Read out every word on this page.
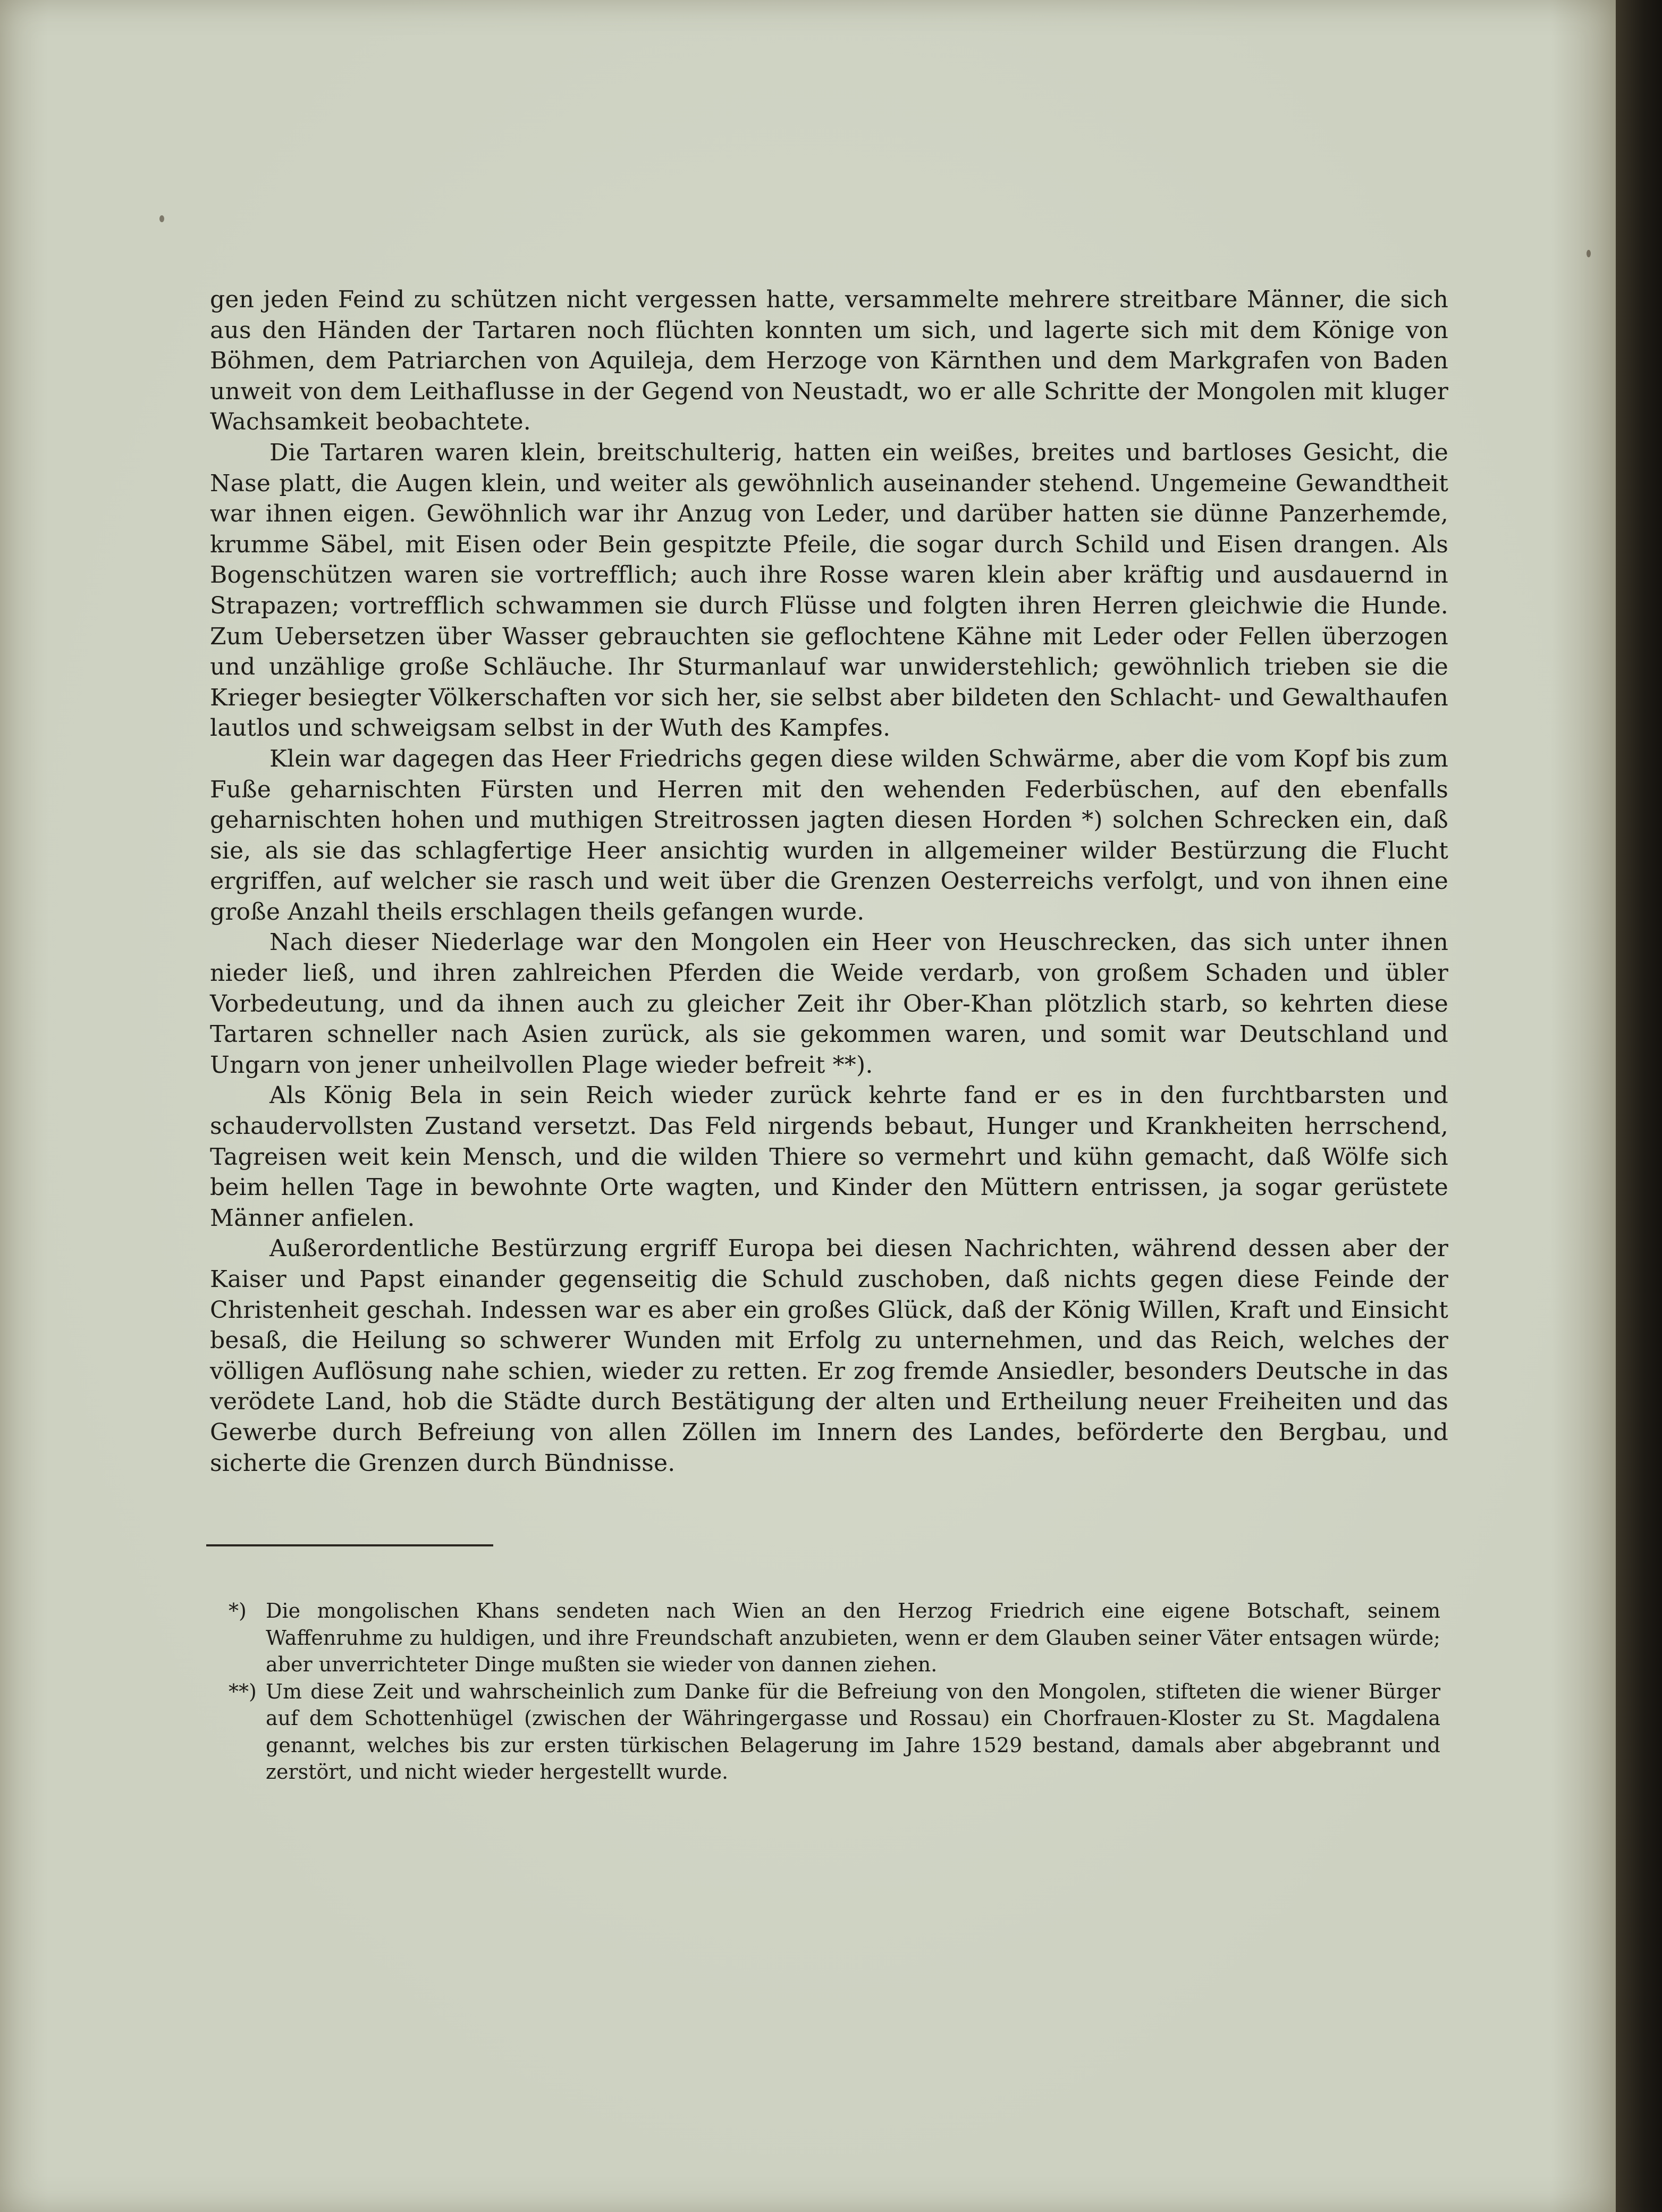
gen jeden Feind zu schützen nicht vergessen hatte, versammelte mehrere streitbare Männer, die sich aus den Händen der Tartaren noch flüchten konnten um sich, und lagerte sich mit dem Könige von Böhmen, dem Patriarchen von Aquileja, dem Herzoge von Kärnthen und dem Markgrafen von Baden unweit von dem Leithaflusse in der Gegend von Neustadt, wo er alle Schritte der Mongolen mit kluger Wachsamkeit beobachtete.

Die Tartaren waren klein, breitschulterig, hatten ein weißes, breites und bartloses Gesicht, die Nase platt, die Augen klein, und weiter als gewöhnlich auseinander stehend. Ungemeine Gewandtheit war ihnen eigen. Gewöhnlich war ihr Anzug von Leder, und darüber hatten sie dünne Panzerhemde, krumme Säbel, mit Eisen oder Bein gespitzte Pfeile, die sogar durch Schild und Eisen drangen. Als Bogenschützen waren sie vortrefflich; auch ihre Rosse waren klein aber kräftig und ausdauernd in Strapazen; vortrefflich schwammen sie durch Flüsse und folgten ihren Herren gleichwie die Hunde. Zum Uebersetzen über Wasser gebrauchten sie geflochtene Kähne mit Leder oder Fellen überzogen und unzählige große Schläuche. Ihr Sturmanlauf war unwiderstehlich; gewöhnlich trieben sie die Krieger besiegter Völkerschaften vor sich her, sie selbst aber bildeten den Schlacht- und Gewalthaufen lautlos und schweigsam selbst in der Wuth des Kampfes.

Klein war dagegen das Heer Friedrichs gegen diese wilden Schwärme, aber die vom Kopf bis zum Fuße geharnischten Fürsten und Herren mit den wehenden Federbüschen, auf den ebenfalls geharnischten hohen und muthigen Streitrossen jagten diesen Horden *) solchen Schrecken ein, daß sie, als sie das schlagfertige Heer ansichtig wurden in allgemeiner wilder Bestürzung die Flucht ergriffen, auf welcher sie rasch und weit über die Grenzen Oesterreichs verfolgt, und von ihnen eine große Anzahl theils erschlagen theils gefangen wurde.

Nach dieser Niederlage war den Mongolen ein Heer von Heuschrecken, das sich unter ihnen nieder ließ, und ihren zahlreichen Pferden die Weide verdarb, von großem Schaden und übler Vorbedeutung, und da ihnen auch zu gleicher Zeit ihr Ober-Khan plötzlich starb, so kehrten diese Tartaren schneller nach Asien zurück, als sie gekommen waren, und somit war Deutschland und Ungarn von jener unheilvollen Plage wieder befreit **).

Als König Bela in sein Reich wieder zurück kehrte fand er es in den furchtbarsten und schaudervollsten Zustand versetzt. Das Feld nirgends bebaut, Hunger und Krankheiten herrschend, Tagreisen weit kein Mensch, und die wilden Thiere so vermehrt und kühn gemacht, daß Wölfe sich beim hellen Tage in bewohnte Orte wagten, und Kinder den Müttern entrissen, ja sogar gerüstete Männer anfielen.

Außerordentliche Bestürzung ergriff Europa bei diesen Nachrichten, während dessen aber der Kaiser und Papst einander gegenseitig die Schuld zuschoben, daß nichts gegen diese Feinde der Christenheit geschah. Indessen war es aber ein großes Glück, daß der König Willen, Kraft und Einsicht besaß, die Heilung so schwerer Wunden mit Erfolg zu unternehmen, und das Reich, welches der völligen Auflösung nahe schien, wieder zu retten. Er zog fremde Ansiedler, besonders Deutsche in das verödete Land, hob die Städte durch Bestätigung der alten und Ertheilung neuer Freiheiten und das Gewerbe durch Befreiung von allen Zöllen im Innern des Landes, beförderte den Bergbau, und sicherte die Grenzen durch Bündnisse.

*) Die mongolischen Khans sendeten nach Wien an den Herzog Friedrich eine eigene Botschaft, seinem Waffenruhme zu huldigen, und ihre Freundschaft anzubieten, wenn er dem Glauben seiner Väter entsagen würde; aber unverrichteter Dinge mußten sie wieder von dannen ziehen.

**) Um diese Zeit und wahrscheinlich zum Danke für die Befreiung von den Mongolen, stifteten die wiener Bürger auf dem Schottenhügel (zwischen der Währingergasse und Rossau) ein Chorfrauen-Kloster zu St. Magdalena genannt, welches bis zur ersten türkischen Belagerung im Jahre 1529 bestand, damals aber abgebrannt und zerstört, und nicht wieder hergestellt wurde.
